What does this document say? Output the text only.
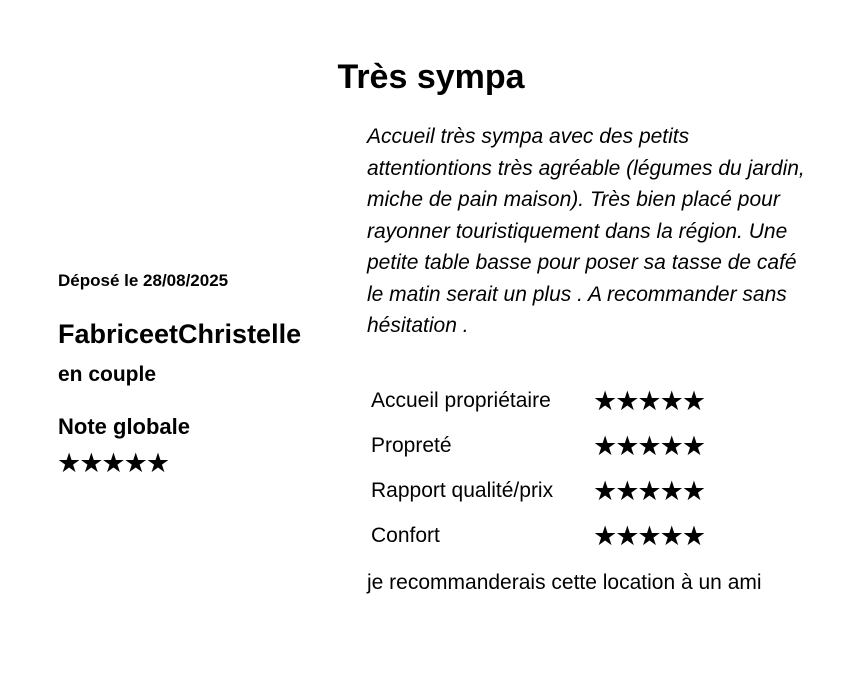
Très sympa
Déposé le 28/08/2025
FabriceetChristelle
en couple
Note globale
★★★★★

Accueil très sympa avec des petits attentiontions très agréable (légumes du jardin, miche de pain maison). Très bien placé pour rayonner touristiquement dans la région. Une petite table basse pour poser sa tasse de café le matin serait un plus . A recommander sans hésitation .

Accueil propriétaire ★★★★★
Propreté	★★★★★
Rapport qualité/prix ★★★★★
Confort	★★★★★

je recommanderais cette location à un ami
